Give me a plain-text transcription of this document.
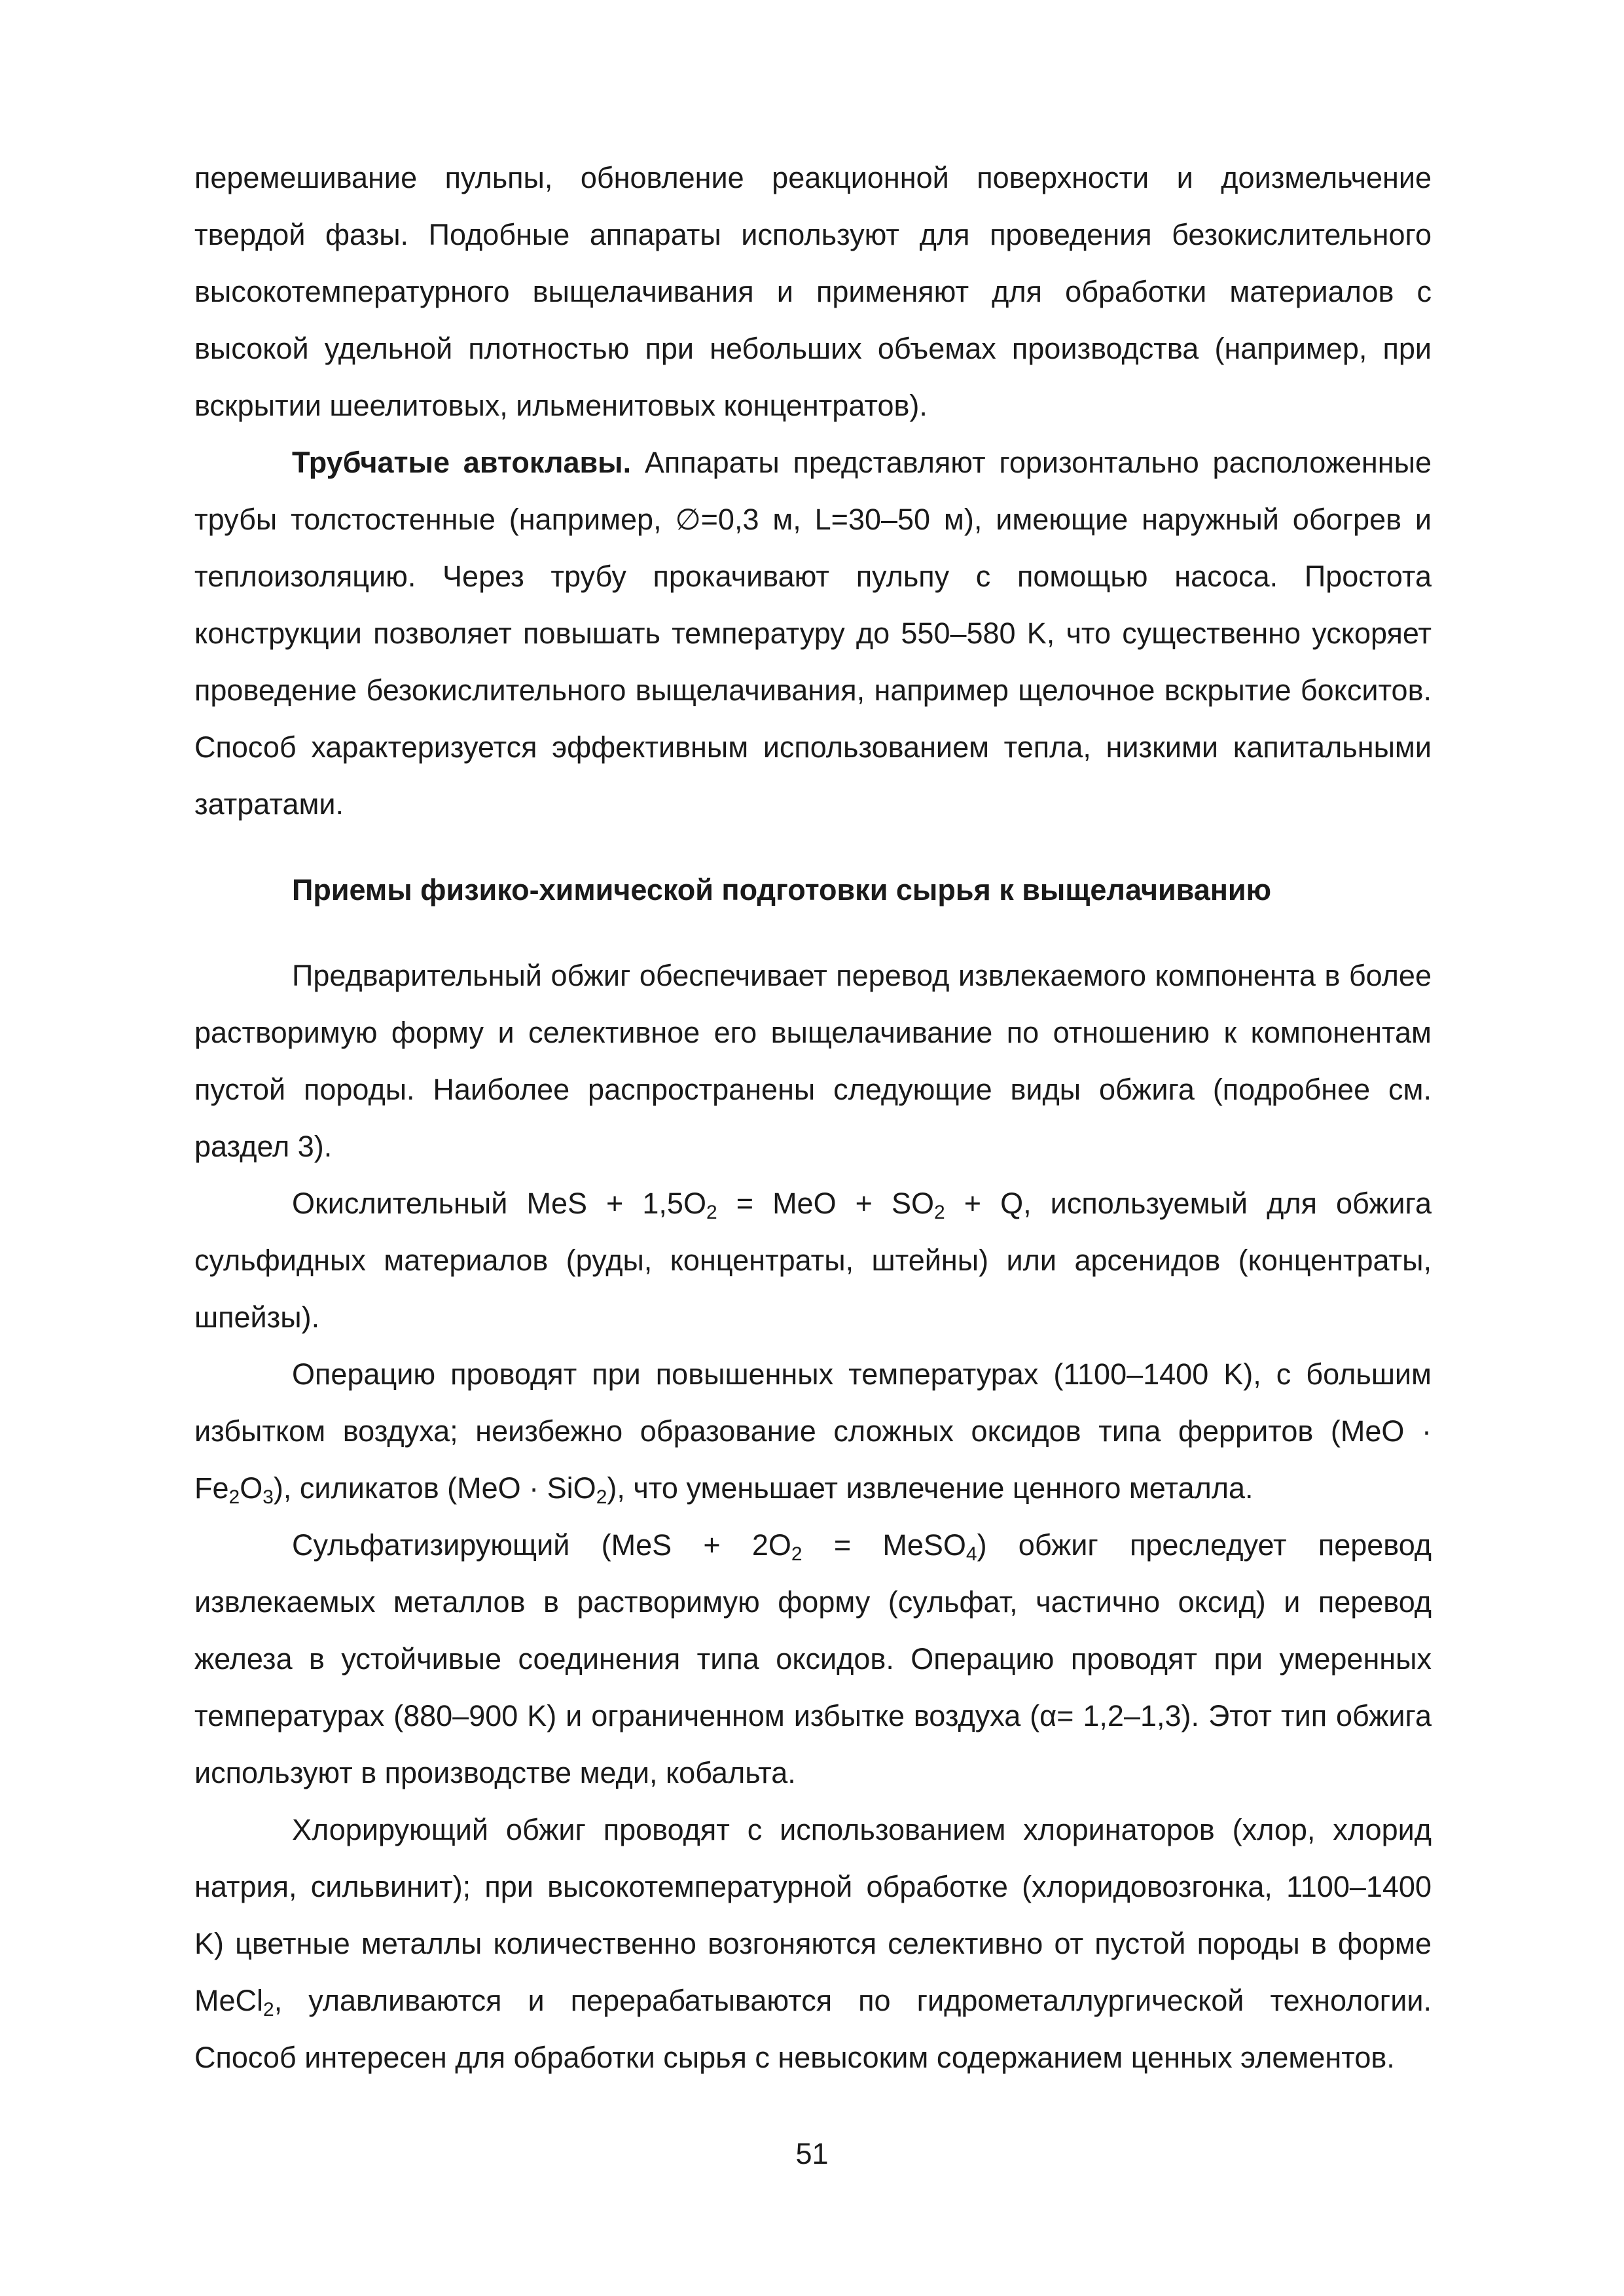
перемешивание пульпы, обновление реакционной поверхности и доизмельчение твердой фазы. Подобные аппараты используют для проведения безокислительного высокотемпературного выщелачивания и применяют для обработки материалов с высокой удельной плотностью при небольших объемах производства (например, при вскрытии шеелитовых, ильменитовых концентратов).

Трубчатые автоклавы. Аппараты представляют горизонтально расположенные трубы толстостенные (например, ∅=0,3 м, L=30–50 м), имеющие наружный обогрев и теплоизоляцию. Через трубу прокачивают пульпу с помощью насоса. Простота конструкции позволяет повышать температуру до 550–580 K, что существенно ускоряет проведение безокислительного выщелачивания, например щелочное вскрытие бокситов. Способ характеризуется эффективным использованием тепла, низкими капитальными затратами.

Приемы физико-химической подготовки сырья к выщелачиванию

Предварительный обжиг обеспечивает перевод извлекаемого компонента в более растворимую форму и селективное его выщелачивание по отношению к компонентам пустой породы. Наиболее распространены следующие виды обжига (подробнее см. раздел 3).

Окислительный MeS + $1,5O_2$ = MeO + $SO_2 + Q$, используемый для обжига сульфидных материалов (руды, концентраты, штейны) или арсенидов (концентраты, шпейзы).

Операцию проводят при повышенных температурах (1100–1400 K), с большим избытком воздуха; неизбежно образование сложных оксидов типа ферритов $(MeO \cdot Fe_2O_3)$, силикатов (MeO · SiO$_2$), что уменьшает извлечение ценного металла.

Сульфатизирующий ($MeS + 2O_2$ = MeSO$_4$) обжиг преследует перевод извлекаемых металлов в растворимую форму (сульфат, частично оксид) и перевод железа в устойчивые соединения типа оксидов. Операцию проводят при умеренных температурах (880–900 K) и ограниченном избытке воздуха (α= 1,2–1,3). Этот тип обжига используют в производстве меди, кобальта.

Хлорирующий обжиг проводят с использованием хлоринаторов (хлор, хлорид натрия, сильвинит); при высокотемпературной обработке (хлоридовозгонка, 1100–1400 K) цветные металлы количественно возгоняются селективно от пустой породы в форме MeCl$_2$, улавливаются и перерабатываются по гидрометаллургической технологии. Способ интересен для обработки сырья с невысоким содержанием ценных элементов.

51
